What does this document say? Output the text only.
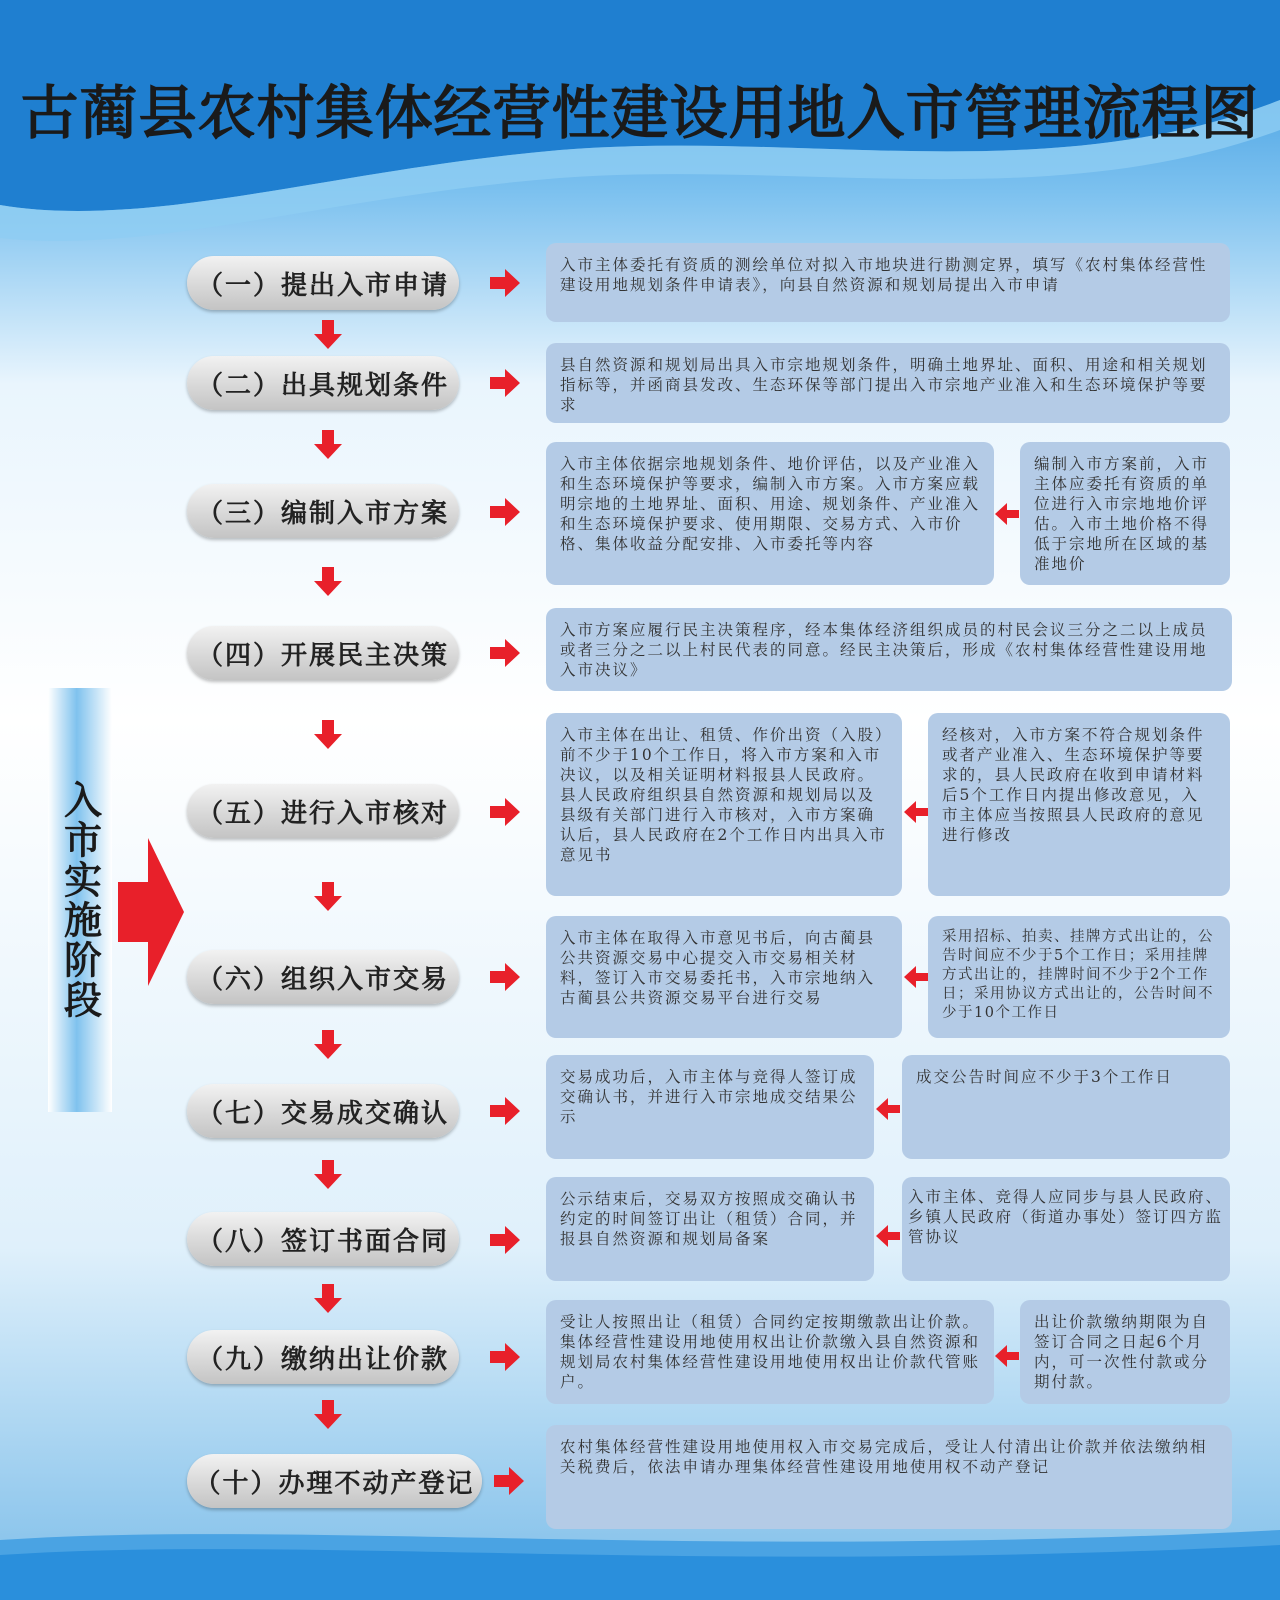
古蔺县农村集体经营性建设用地入市管理流程图
入市实施阶段
（一）提出入市申请
入市主体委托有资质的测绘单位对拟入市地块进行勘测定界，填写《农村集体经营性建设用地规划条件申请表》，向县自然资源和规划局提出入市申请
（二）出具规划条件
县自然资源和规划局出具入市宗地规划条件，明确土地界址、面积、用途和相关规划指标等，并函商县发改、生态环保等部门提出入市宗地产业准入和生态环境保护等要求
（三）编制入市方案
入市主体依据宗地规划条件、地价评估，以及产业准入和生态环境保护等要求，编制入市方案。入市方案应载明宗地的土地界址、面积、用途、规划条件、产业准入和生态环境保护要求、使用期限、交易方式、入市价格、集体收益分配安排、入市委托等内容
编制入市方案前，入市主体应委托有资质的单位进行入市宗地地价评估。入市土地价格不得低于宗地所在区域的基准地价
（四）开展民主决策
入市方案应履行民主决策程序，经本集体经济组织成员的村民会议三分之二以上成员或者三分之二以上村民代表的同意。经民主决策后，形成《农村集体经营性建设用地入市决议》
（五）进行入市核对
入市主体在出让、租赁、作价出资（入股）前不少于10个工作日，将入市方案和入市决议，以及相关证明材料报县人民政府。县人民政府组织县自然资源和规划局以及县级有关部门进行入市核对，入市方案确认后，县人民政府在2个工作日内出具入市意见书
经核对，入市方案不符合规划条件或者产业准入、生态环境保护等要求的，县人民政府在收到申请材料后5个工作日内提出修改意见，入市主体应当按照县人民政府的意见进行修改
（六）组织入市交易
入市主体在取得入市意见书后，向古蔺县公共资源交易中心提交入市交易相关材料，签订入市交易委托书，入市宗地纳入古蔺县公共资源交易平台进行交易
采用招标、拍卖、挂牌方式出让的，公告时间应不少于5个工作日；采用挂牌方式出让的，挂牌时间不少于2个工作日；采用协议方式出让的，公告时间不少于10个工作日
（七）交易成交确认
交易成功后，入市主体与竞得人签订成交确认书，并进行入市宗地成交结果公示
成交公告时间应不少于3个工作日
（八）签订书面合同
公示结束后，交易双方按照成交确认书约定的时间签订出让（租赁）合同，并报县自然资源和规划局备案
入市主体、竞得人应同步与县人民政府、乡镇人民政府（街道办事处）签订四方监管协议
（九）缴纳出让价款
受让人按照出让（租赁）合同约定按期缴款出让价款。集体经营性建设用地使用权出让价款缴入县自然资源和规划局农村集体经营性建设用地使用权出让价款代管账户。
出让价款缴纳期限为自签订合同之日起6个月内，可一次性付款或分期付款。
（十）办理不动产登记
农村集体经营性建设用地使用权入市交易完成后，受让人付清出让价款并依法缴纳相关税费后，依法申请办理集体经营性建设用地使用权不动产登记
